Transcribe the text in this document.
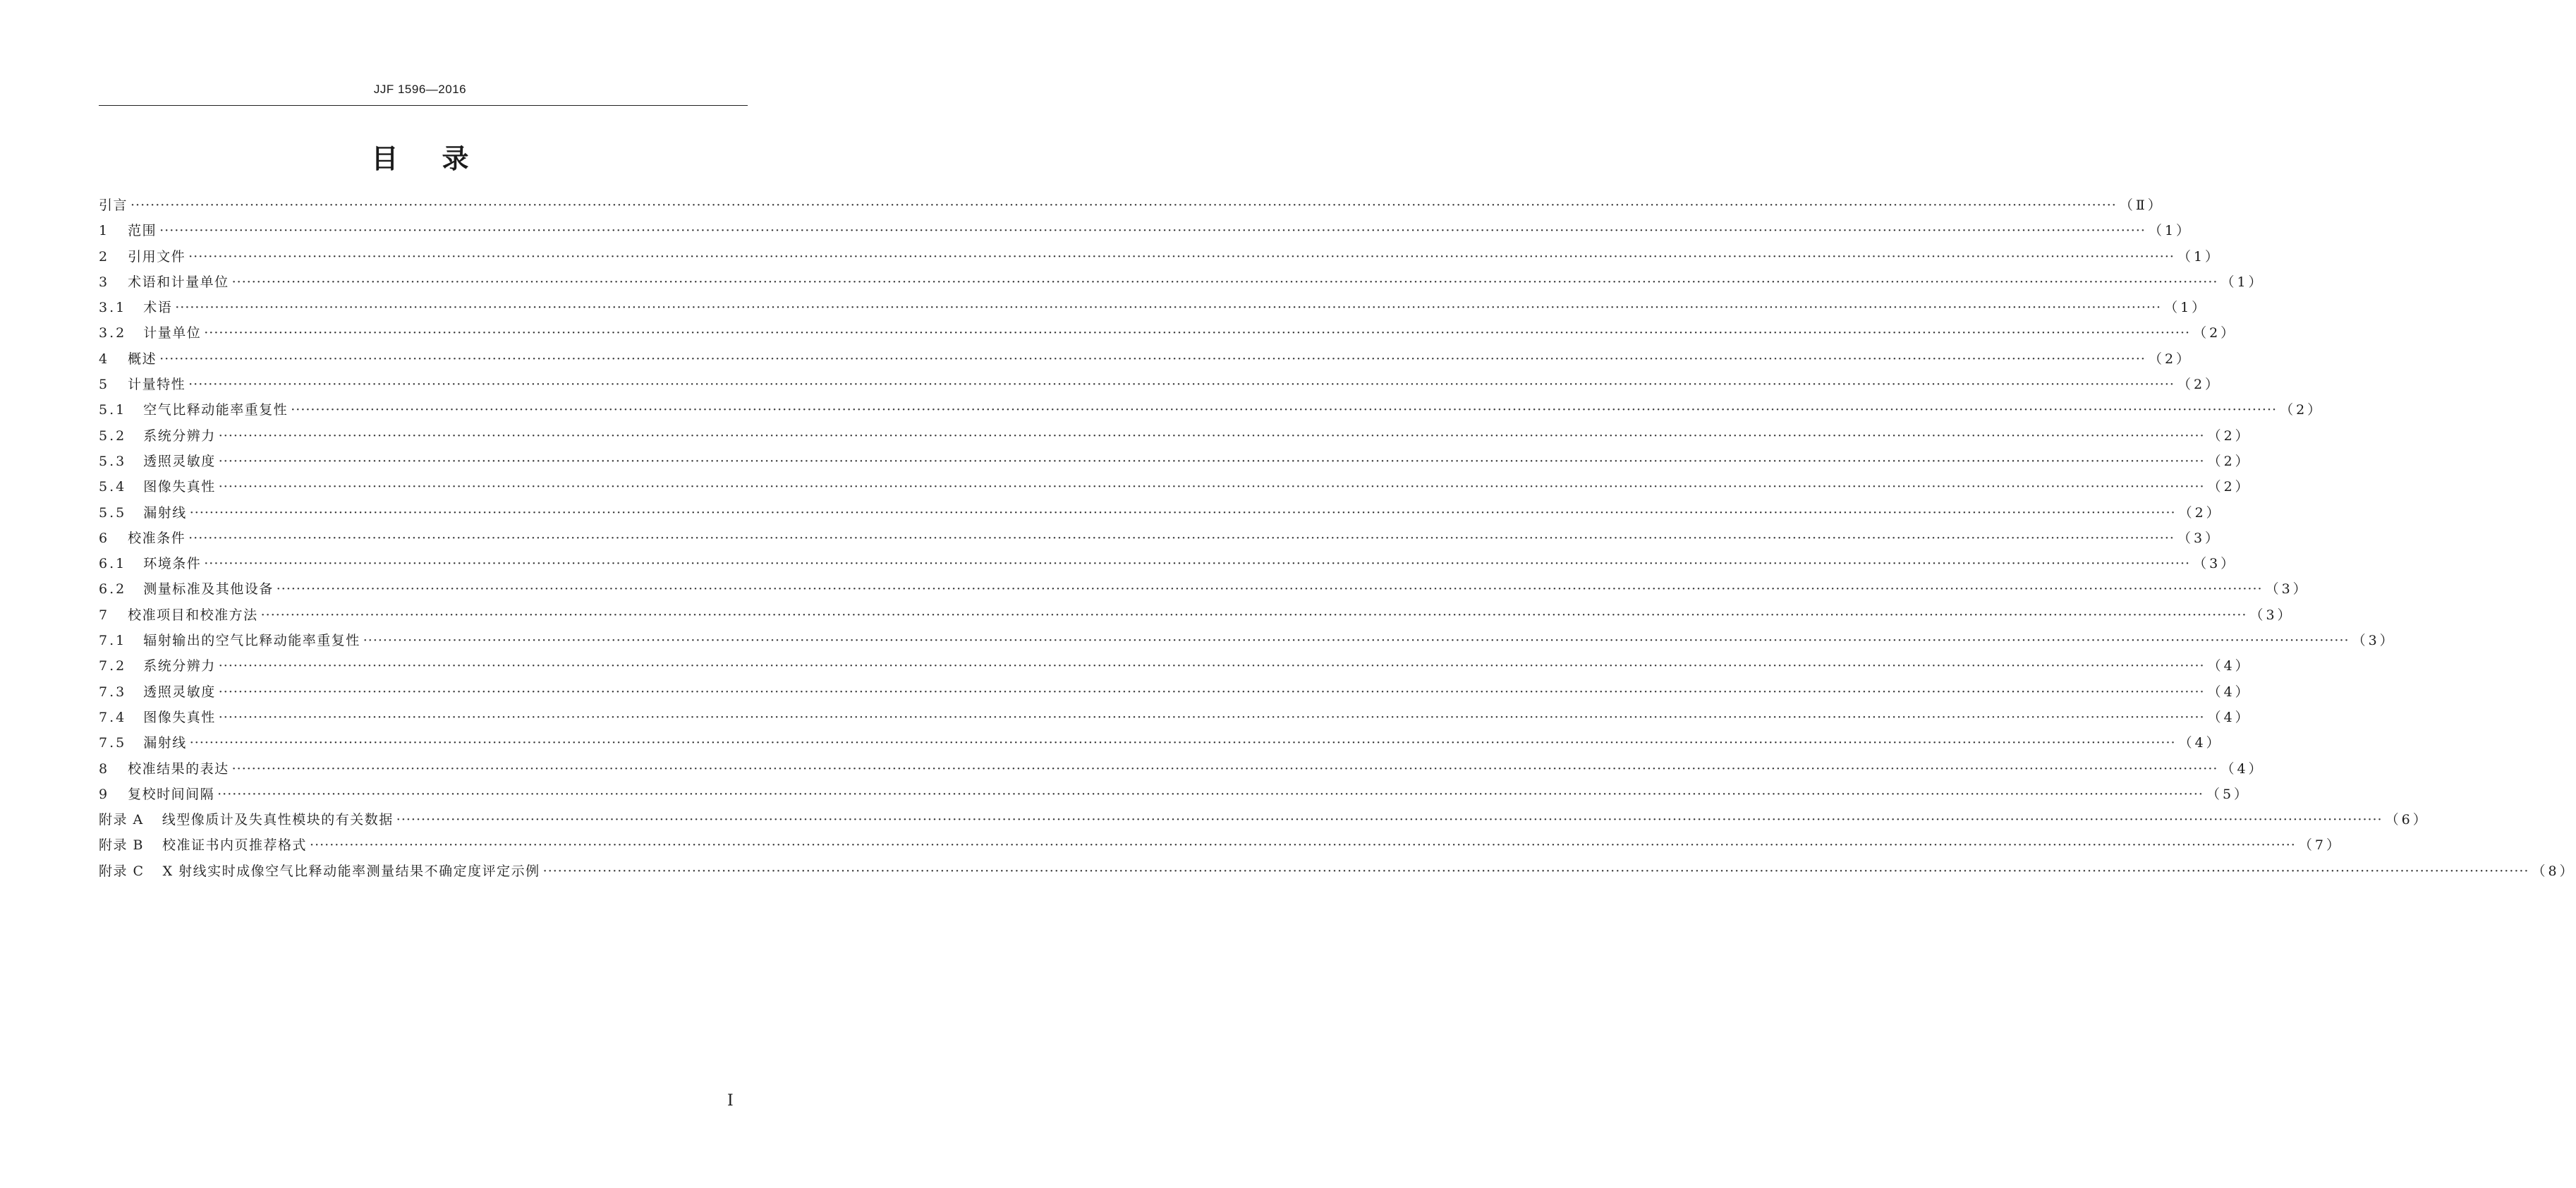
JJF 1596—2016
目录
引言 ················································································································································································································································································································································································································ （Ⅱ）
1 范围 ················································································································································································································································································································································································································ （1）
2 引用文件 ················································································································································································································································································································································································································ （1）
3 术语和计量单位 ················································································································································································································································································································································································································ （1）
3.1 术语 ················································································································································································································································································································································································································ （1）
3.2 计量单位 ················································································································································································································································································································································································································ （2）
4 概述 ················································································································································································································································································································································································································ （2）
5 计量特性 ················································································································································································································································································································································································································ （2）
5.1 空气比释动能率重复性 ················································································································································································································································································································································································································ （2）
5.2 系统分辨力 ················································································································································································································································································································································································································ （2）
5.3 透照灵敏度 ················································································································································································································································································································································································································ （2）
5.4 图像失真性 ················································································································································································································································································································································································································ （2）
5.5 漏射线 ················································································································································································································································································································································································································ （2）
6 校准条件 ················································································································································································································································································································································································································ （3）
6.1 环境条件 ················································································································································································································································································································································································································ （3）
6.2 测量标准及其他设备 ················································································································································································································································································································································································································ （3）
7 校准项目和校准方法 ················································································································································································································································································································································································································ （3）
7.1 辐射输出的空气比释动能率重复性 ················································································································································································································································································································································································································ （3）
7.2 系统分辨力 ················································································································································································································································································································································································································ （4）
7.3 透照灵敏度 ················································································································································································································································································································································································································ （4）
7.4 图像失真性 ················································································································································································································································································································································································································ （4）
7.5 漏射线 ················································································································································································································································································································································································································ （4）
8 校准结果的表达 ················································································································································································································································································································································································································ （4）
9 复校时间间隔 ················································································································································································································································································································································································································ （5）
附录 A 线型像质计及失真性模块的有关数据 ················································································································································································································································································································································································································ （6）
附录 B 校准证书内页推荐格式 ················································································································································································································································································································································································································ （7）
附录 C X 射线实时成像空气比释动能率测量结果不确定度评定示例 ················································································································································································································································································································································································································ （8）
I
